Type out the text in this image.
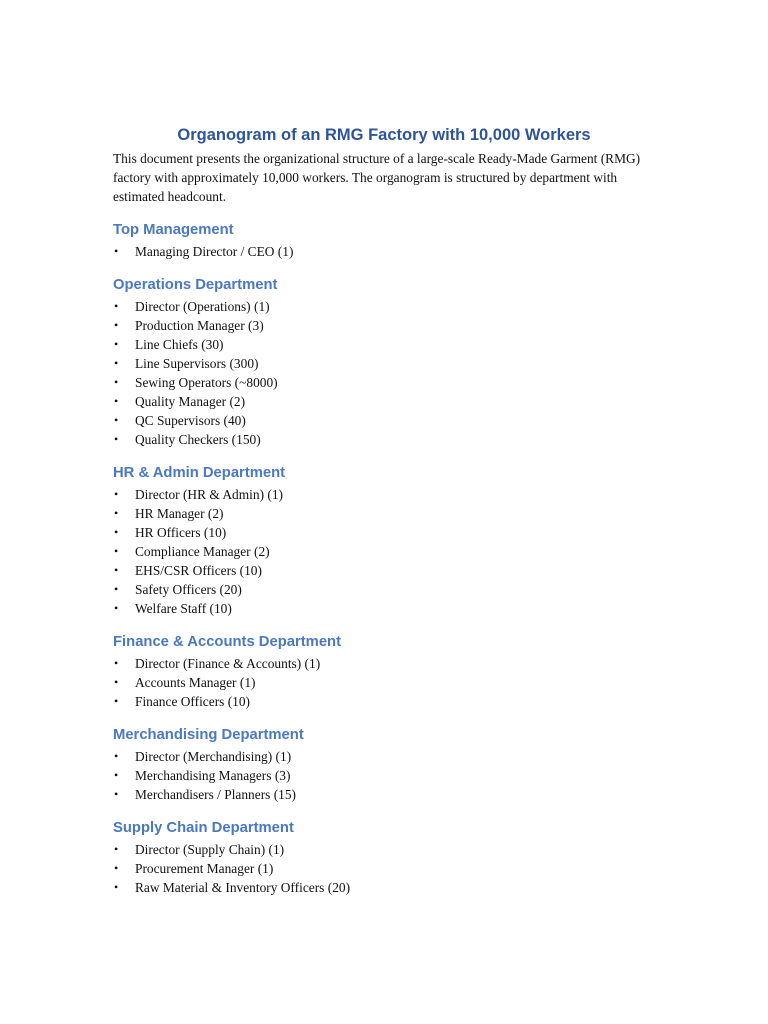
Organogram of an RMG Factory with 10,000 Workers

This document presents the organizational structure of a large-scale Ready-Made Garment (RMG) factory with approximately 10,000 workers. The organogram is structured by department with estimated headcount.

Top Management
• Managing Director / CEO (1)
Operations Department
• Director (Operations) (1)
• Production Manager (3)
• Line Chiefs (30)
• Line Supervisors (300)
• Sewing Operators (~8000)
• Quality Manager (2)
• QC Supervisors (40)
• Quality Checkers (150)
HR & Admin Department
• Director (HR & Admin) (1)
• HR Manager (2)
• HR Officers (10)
• Compliance Manager (2)
• EHS/CSR Officers (10)
• Safety Officers (20)
• Welfare Staff (10)
Finance & Accounts Department
• Director (Finance & Accounts) (1)
• Accounts Manager (1)
• Finance Officers (10)
Merchandising Department
• Director (Merchandising) (1)
• Merchandising Managers (3)
• Merchandisers / Planners (15)
Supply Chain Department
• Director (Supply Chain) (1)
• Procurement Manager (1)
• Raw Material & Inventory Officers (20)
